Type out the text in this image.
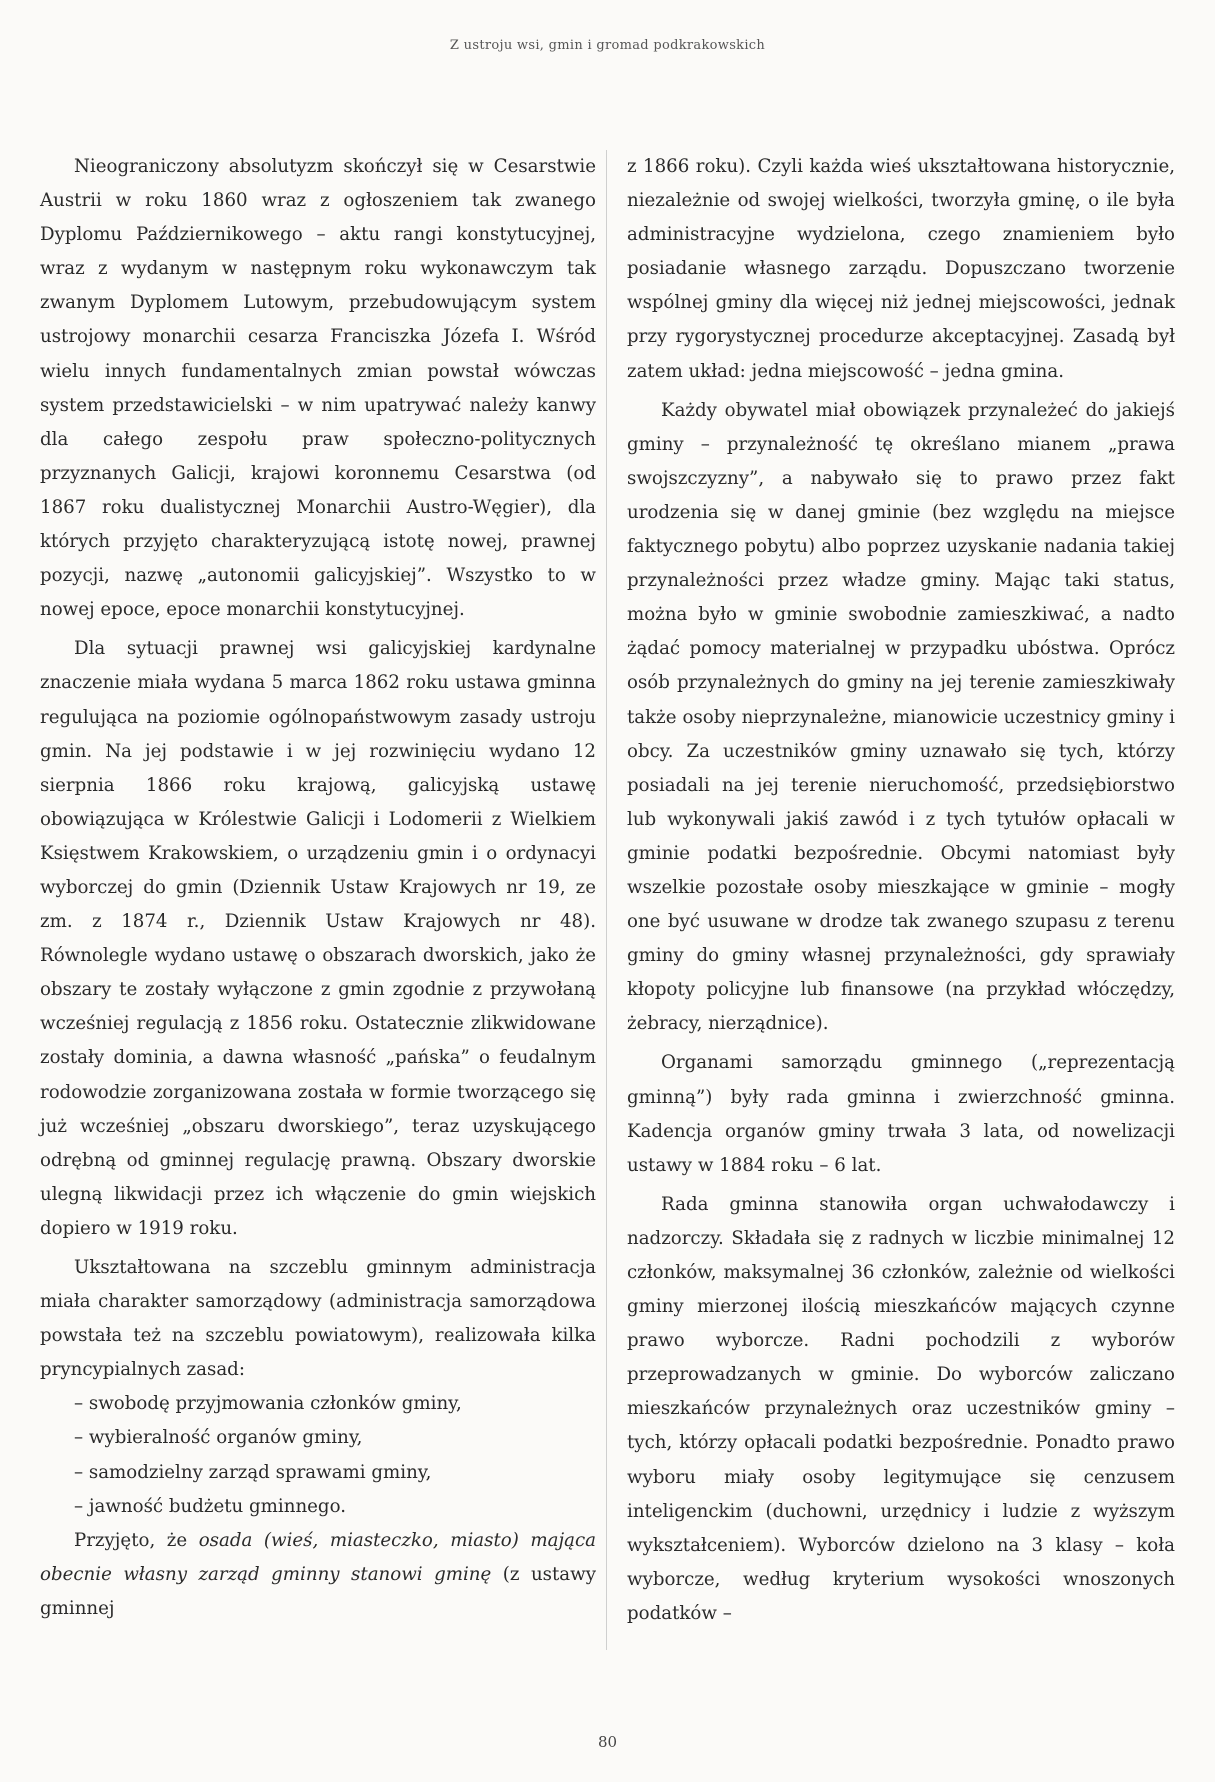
Z ustroju wsi, gmin i gromad podkrakowskich

Nieograniczony absolutyzm skończył się w Cesarstwie Austrii w roku 1860 wraz z ogłoszeniem tak zwanego Dyplomu Październikowego – aktu rangi konstytucyjnej, wraz z wydanym w następnym roku wykonawczym tak zwanym Dyplomem Lutowym, przebudowującym system ustrojowy monarchii cesarza Franciszka Józefa I. Wśród wielu innych fundamentalnych zmian powstał wówczas system przedstawicielski – w nim upatrywać należy kanwy dla całego zespołu praw społeczno-politycznych przyznanych Galicji, krajowi koronnemu Cesarstwa (od 1867 roku dualistycznej Monarchii Austro-Węgier), dla których przyjęto charakteryzującą istotę nowej, prawnej pozycji, nazwę „autonomii galicyjskiej”. Wszystko to w nowej epoce, epoce monarchii konstytucyjnej.

Dla sytuacji prawnej wsi galicyjskiej kardynalne znaczenie miała wydana 5 marca 1862 roku ustawa gminna regulująca na poziomie ogólnopaństwowym zasady ustroju gmin. Na jej podstawie i w jej rozwinięciu wydano 12 sierpnia 1866 roku krajową, galicyjską ustawę obowiązująca w Królestwie Galicji i Lodomerii z Wielkiem Księstwem Krakowskiem, o urządzeniu gmin i o ordynacyi wyborczej do gmin (Dziennik Ustaw Krajowych nr 19, ze zm. z 1874 r., Dziennik Ustaw Krajowych nr 48). Równolegle wydano ustawę o obszarach dworskich, jako że obszary te zostały wyłączone z gmin zgodnie z przywołaną wcześniej regulacją z 1856 roku. Ostatecznie zlikwidowane zostały dominia, a dawna własność „pańska” o feudalnym rodowodzie zorganizowana została w formie tworzącego się już wcześniej „obszaru dworskiego”, teraz uzyskującego odrębną od gminnej regulację prawną. Obszary dworskie ulegną likwidacji przez ich włączenie do gmin wiejskich dopiero w 1919 roku.

Ukształtowana na szczeblu gminnym administracja miała charakter samorządowy (administracja samorządowa powstała też na szczeblu powiatowym), realizowała kilka pryncypialnych zasad:

– swobodę przyjmowania członków gminy,
– wybieralność organów gminy,
– samodzielny zarząd sprawami gminy,
– jawność budżetu gminnego.

Przyjęto, że osada (wieś, miasteczko, miasto) mająca obecnie własny zarząd gminny stanowi gminę (z ustawy gminnej

z 1866 roku). Czyli każda wieś ukształtowana historycznie, niezależnie od swojej wielkości, tworzyła gminę, o ile była administracyjne wydzielona, czego znamieniem było posiadanie własnego zarządu. Dopuszczano tworzenie wspólnej gminy dla więcej niż jednej miejscowości, jednak przy rygorystycznej procedurze akceptacyjnej. Zasadą był zatem układ: jedna miejscowość – jedna gmina.

Każdy obywatel miał obowiązek przynależeć do jakiejś gminy – przynależność tę określano mianem „prawa swojszczyzny”, a nabywało się to prawo przez fakt urodzenia się w danej gminie (bez względu na miejsce faktycznego pobytu) albo poprzez uzyskanie nadania takiej przynależności przez władze gminy. Mając taki status, można było w gminie swobodnie zamieszkiwać, a nadto żądać pomocy materialnej w przypadku ubóstwa. Oprócz osób przynależnych do gminy na jej terenie zamieszkiwały także osoby nieprzynależne, mianowicie uczestnicy gminy i obcy. Za uczestników gminy uznawało się tych, którzy posiadali na jej terenie nieruchomość, przedsiębiorstwo lub wykonywali jakiś zawód i z tych tytułów opłacali w gminie podatki bezpośrednie. Obcymi natomiast były wszelkie pozostałe osoby mieszkające w gminie – mogły one być usuwane w drodze tak zwanego szupasu z terenu gminy do gminy własnej przynależności, gdy sprawiały kłopoty policyjne lub finansowe (na przykład włóczędzy, żebracy, nierządnice).

Organami samorządu gminnego („reprezentacją gminną”) były rada gminna i zwierzchność gminna. Kadencja organów gminy trwała 3 lata, od nowelizacji ustawy w 1884 roku – 6 lat.

Rada gminna stanowiła organ uchwałodawczy i nadzorczy. Składała się z radnych w liczbie minimalnej 12 członków, maksymalnej 36 członków, zależnie od wielkości gminy mierzonej ilością mieszkańców mających czynne prawo wyborcze. Radni pochodzili z wyborów przeprowadzanych w gminie. Do wyborców zaliczano mieszkańców przynależnych oraz uczestników gminy – tych, którzy opłacali podatki bezpośrednie. Ponadto prawo wyboru miały osoby legitymujące się cenzusem inteligenckim (duchowni, urzędnicy i ludzie z wyższym wykształceniem). Wyborców dzielono na 3 klasy – koła wyborcze, według kryterium wysokości wnoszonych podatków –

80
